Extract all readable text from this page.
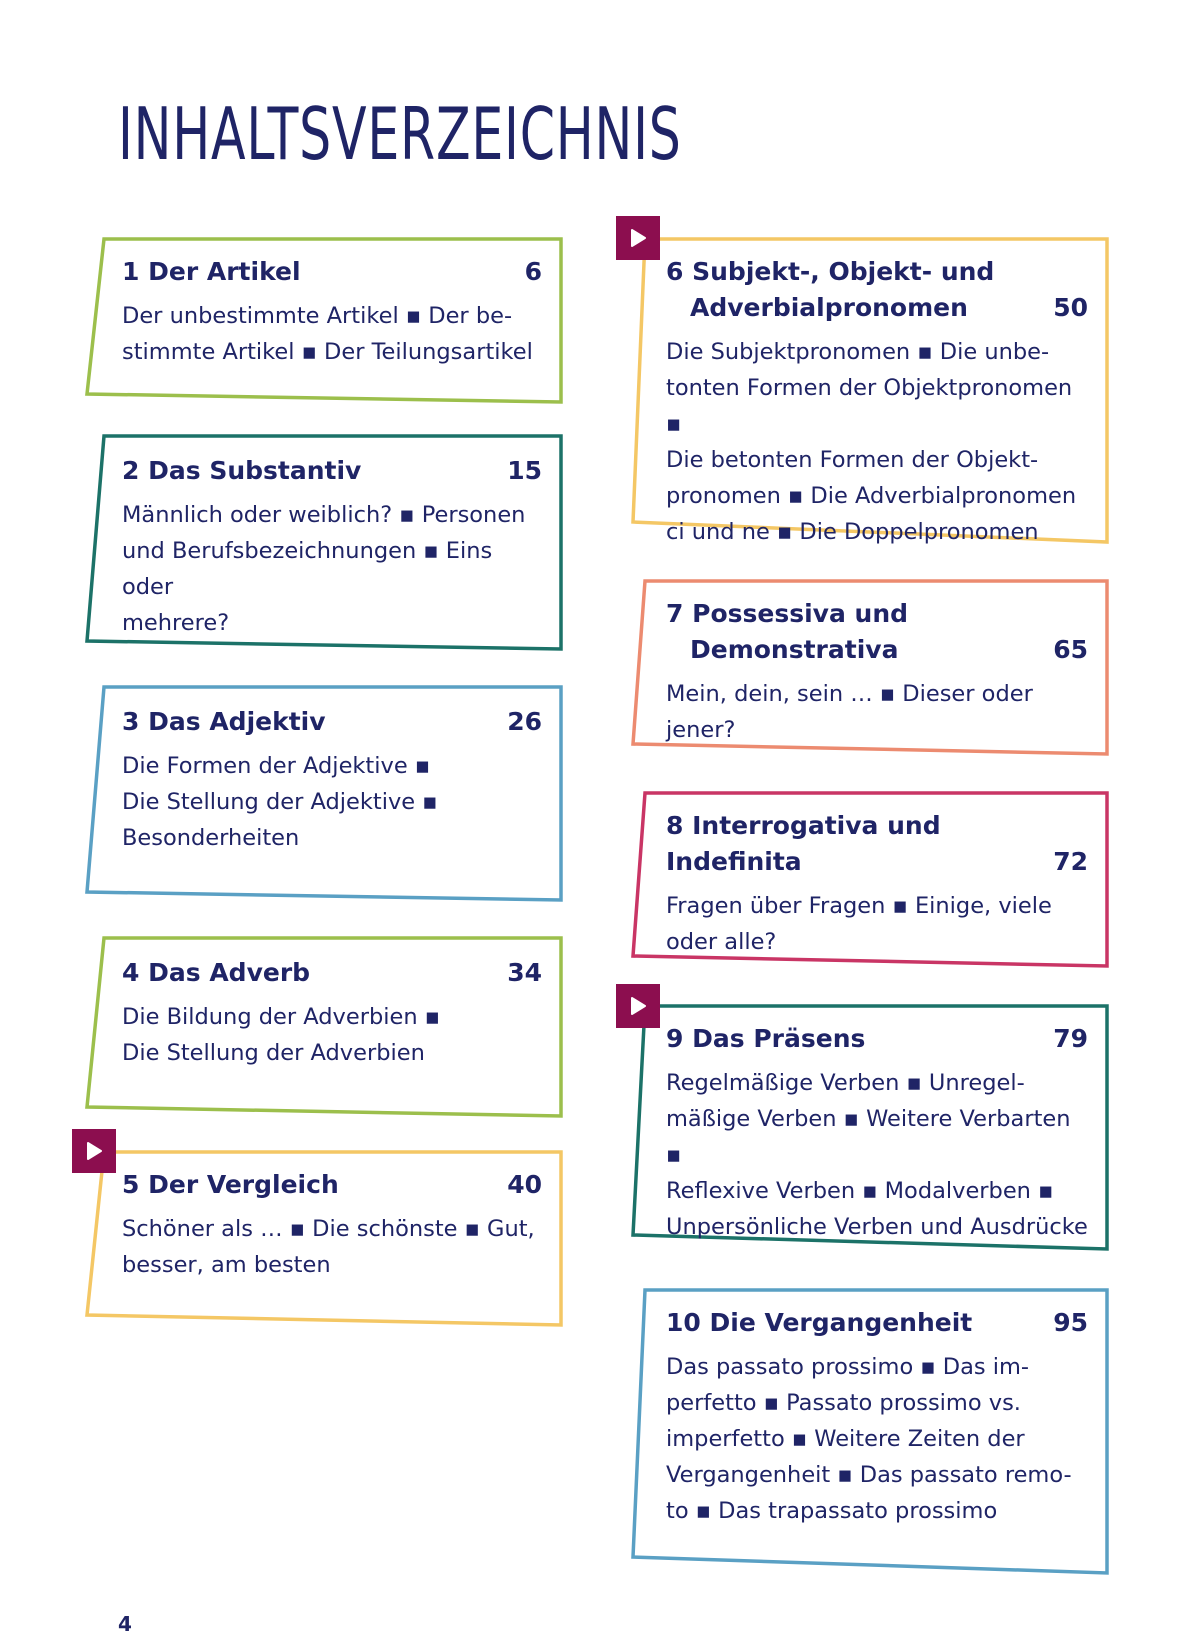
INHALTSVERZEICHNIS
1 Der Artikel	6
Der unbestimmte Artikel ▪ Der be-
stimmte Artikel ▪ Der Teilungsartikel
2 Das Substantiv	15
Männlich oder weiblich? ▪ Personen
und Berufsbezeichnungen ▪ Eins oder
mehrere?
3 Das Adjektiv	26
Die Formen der Adjektive ▪
Die Stellung der Adjektive ▪
Besonderheiten
4 Das Adverb	34
Die Bildung der Adverbien ▪
Die Stellung der Adverbien
5 Der Vergleich	40
Schöner als … ▪ Die schönste ▪ Gut,
besser, am besten
6 Subjekt-, Objekt- und
Adverbialpronomen	50
Die Subjektpronomen ▪ Die unbe-
tonten Formen der Objektpronomen ▪
Die betonten Formen der Objekt-
pronomen ▪ Die Adverbialpronomen
ci und ne ▪ Die Doppelpronomen
7 Possessiva und
Demonstrativa	65
Mein, dein, sein … ▪ Dieser oder jener?
8 Interrogativa und Indefinita	72
Fragen über Fragen ▪ Einige, viele
oder alle?
9 Das Präsens	79
Regelmäßige Verben ▪ Unregel-
mäßige Verben ▪ Weitere Verbarten ▪
Reflexive Verben ▪ Modalverben ▪
Unpersönliche Verben und Ausdrücke
10 Die Vergangenheit	95
Das passato prossimo ▪ Das im-
perfetto ▪ Passato prossimo vs.
imperfetto ▪ Weitere Zeiten der
Vergangenheit ▪ Das passato remo-
to ▪ Das trapassato prossimo
4
